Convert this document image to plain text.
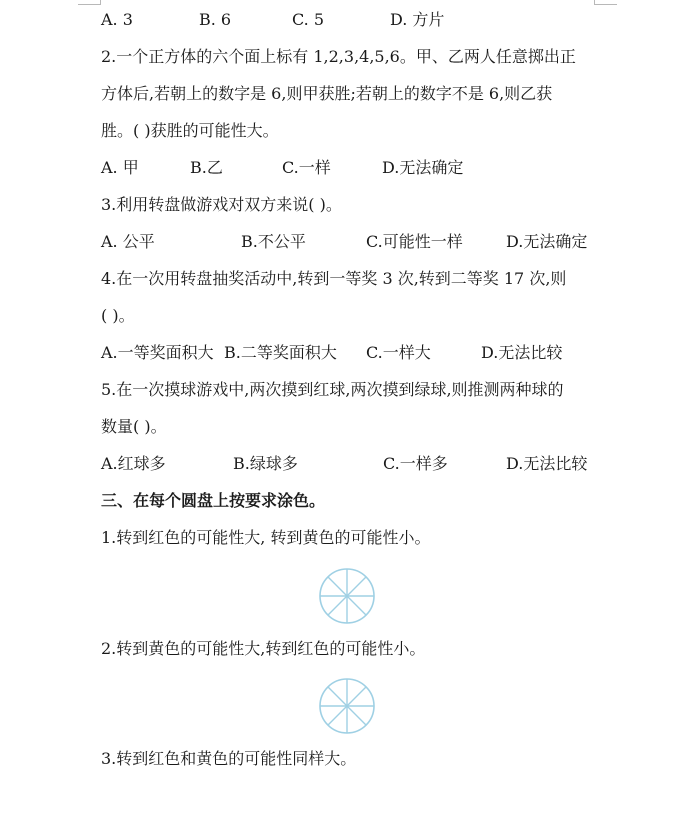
A. 3	B. 6	C. 5	D. 方片
2.一个正方体的六个面上标有 1,2,3,4,5,6。甲、乙两人任意掷出正
方体后,若朝上的数字是 6,则甲获胜;若朝上的数字不是 6,则乙获
胜。( )获胜的可能性大。
A. 甲	B.乙	C.一样	D.无法确定
3.利用转盘做游戏对双方来说( )。
A. 公平	B.不公平	C.可能性一样	D.无法确定
4.在一次用转盘抽奖活动中,转到一等奖 3 次,转到二等奖 17 次,则
( )。
A.一等奖面积大 B.二等奖面积大 C.一样大	D.无法比较
5.在一次摸球游戏中,两次摸到红球,两次摸到绿球,则推测两种球的
数量( )。
A.红球多	B.绿球多	C.一样多	D.无法比较
三、在每个圆盘上按要求涂色。
1.转到红色的可能性大, 转到黄色的可能性小。
2.转到黄色的可能性大,转到红色的可能性小。
3.转到红色和黄色的可能性同样大。
